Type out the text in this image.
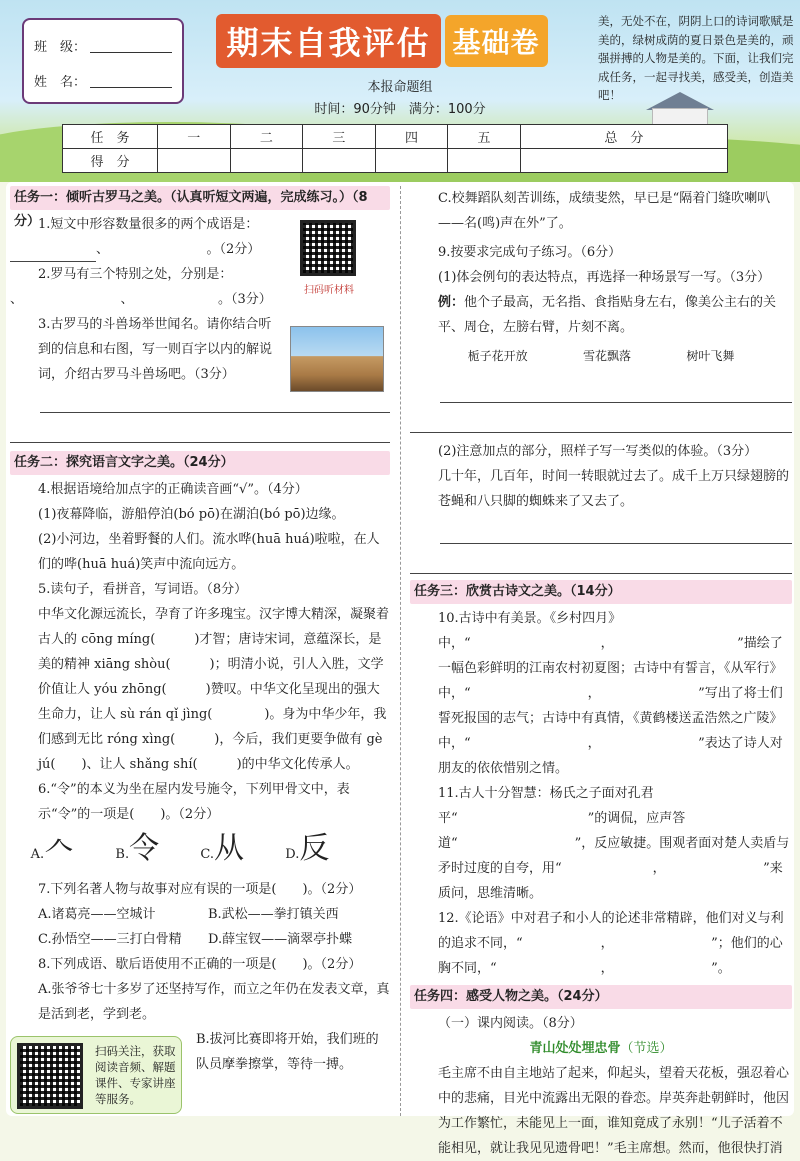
班　级：
姓　名：
期末自我评估 基础卷
本报命题组
时间：90分钟　满分：100分
美，无处不在，阴阴上口的诗词歌赋是美的，绿树成荫的夏日景色是美的，顽强拼搏的人物是美的。下面，让我们完成任务，一起寻找美，感受美，创造美吧！
任　务	一	二	三	四	五	总　分
得　分						
任务一：倾听古罗马之美。（认真听短文两遍，完成练习。）（8分）

1.短文中形容数量很多的两个成语是：

、　　　　　　　　。（2分）

2.罗马有三个特别之处，分别是：

、　　　　　　　　、　　　　　　　。（3分）

3.古罗马的斗兽场举世闻名。请你结合听到的信息和右图，写一则百字以内的解说词，介绍古罗马斗兽场吧。（3分）

扫码听材料
任务二：探究语言文字之美。（24分）

4.根据语境给加点字的正确读音画“√”。（4分）

(1)夜幕降临，游船停泊(bó pō)在湖泊(bó pō)边缘。

(2)小河边，坐着野餐的人们。流水哗(huā huá)啦啦，在人们的哗(huā huá)笑声中流向远方。

5.读句子，看拼音，写词语。（8分）

中华文化源远流长，孕育了许多瑰宝。汉字博大精深，凝聚着古人的 cōng míng(　　　)才智；唐诗宋词，意蕴深长，是美的精神 xiāng shòu(　　　)；明清小说，引人入胜，文学价值让人 yóu zhōng(　　　)赞叹。中华文化呈现出的强大生命力，让人 sù rán qǐ jìng(　　　　)。身为中华少年，我们感到无比 róng xìng(　　　)，今后，我们更要争做有 gè jú(　　)、让人 shǎng shí(　　　)的中华文化传承人。

6.“令”的本义为坐在屋内发号施令，下列甲骨文中，表示“令”的一项是(　　)。（2分）

A.𠆢	B.令	C.从	D.反

7.下列名著人物与故事对应有误的一项是(　　)。（2分）

A.诸葛亮——空城计	B.武松——拳打镇关西
C.孙悟空——三打白骨精	D.薛宝钗——滴翠亭扑蝶

8.下列成语、歇后语使用不正确的一项是(　　)。（2分）

A.张爷爷七十多岁了还坚持写作，而立之年仍在发表文章，真是活到老，学到老。

B.拔河比赛即将开始，我们班的队员摩拳擦掌，等待一搏。

扫码关注，获取阅读音频、解题课件、专家讲座等服务。

C.校舞蹈队刻苦训练，成绩斐然，早已是“隔着门缝吹喇叭——名(鸣)声在外”了。

9.按要求完成句子练习。（6分）

(1)体会例句的表达特点，再选择一种场景写一写。（3分）

例：他个子最高，无名指、食指贴身左右，像美公主右的关平、周仓，左膀右臂，片刻不离。

栀子花开放	雪花飘落	树叶飞舞

(2)注意加点的部分，照样子写一写类似的体验。（3分）

几十年，几百年，时间一转眼就过去了。成千上万只绿翅膀的苍蝇和八只脚的蜘蛛来了又去了。

任务三：欣赏古诗文之美。（14分）

10.古诗中有美景。《乡村四月》中，“　　　　　　　　　　，　　　　　　　　　　”描绘了一幅色彩鲜明的江南农村初夏图；古诗中有誓言，《从军行》中，“　　　　　　　　　，　　　　　　　　”写出了将士们誓死报国的志气；古诗中有真情，《黄鹤楼送孟浩然之广陵》中，“　　　　　　　　　，　　　　　　　　”表达了诗人对朋友的依依惜别之情。

11.古人十分智慧：杨氏之子面对孔君平“　　　　　　　　　　”的调侃，应声答道“　　　　　　　　　”，反应敏捷。围观者面对楚人卖盾与矛时过度的自夸，用“　　　　　　　，　　　　　　　　”来质问，思维清晰。

12.《论语》中对君子和小人的论述非常精辟，他们对义与利的追求不同，“　　　　　　，　　　　　　　　”；他们的心胸不同，“　　　　　　　　，　　　　　　　　”。

任务四：感受人物之美。（24分）

（一）课内阅读。（8分）

青山处处埋忠骨（节选）

毛主席不由自主地站了起来，仰起头，望着天花板，强忍着心中的悲痛，目光中流露出无限的眷恋。岸英奔赴朝鲜时，他因为工作繁忙，未能见上一面，谁知竟成了永别！“儿子活着不能相见，就让我见见遗骨吧！”毛主席想。然而，他很快打消
